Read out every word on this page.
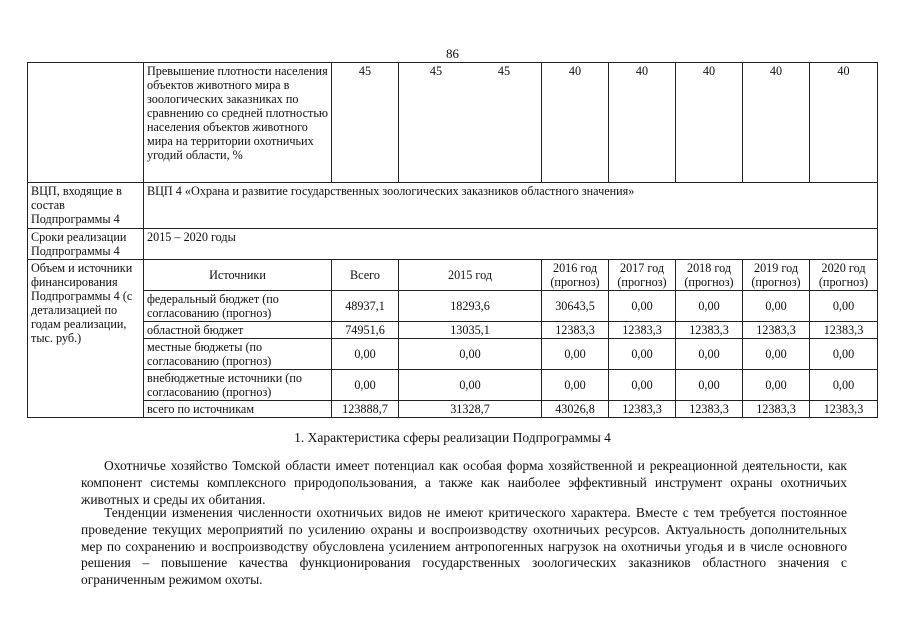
86
	Превышение плотности населения объектов животного мира в зоологических заказниках по сравнению со средней плотностью населения объектов животного мира на территории охотничьих угодий области, %	45	45 45	40	40	40	40	40
ВЦП, входящие в состав Подпрограммы 4	ВЦП 4 «Охрана и развитие государственных зоологических заказников областного значения»							
Сроки реализации Подпрограммы 4	2015 – 2020 годы							
Объем и источники финансирования Подпрограммы 4 (с детализацией по годам реализации, тыс. руб.)	Источники	Всего	2015 год	2016 год (прогноз)	2017 год (прогноз)	2018 год (прогноз)	2019 год (прогноз)	2020 год (прогноз)
	федеральный бюджет (по согласованию (прогноз)	48937,1	18293,6	30643,5	0,00	0,00	0,00	0,00
	областной бюджет	74951,6	13035,1	12383,3	12383,3	12383,3	12383,3	12383,3
	местные бюджеты (по согласованию (прогноз)	0,00	0,00	0,00	0,00	0,00	0,00	0,00
	внебюджетные источники (по согласованию (прогноз)	0,00	0,00	0,00	0,00	0,00	0,00	0,00
	всего по источникам	123888,7	31328,7	43026,8	12383,3	12383,3	12383,3	12383,3
1. Характеристика сферы реализации Подпрограммы 4

Охотничье хозяйство Томской области имеет потенциал как особая форма хозяйственной и рекреационной деятельности, как компонент системы комплексного природопользования, а также как наиболее эффективный инструмент охраны охотничьих животных и среды их обитания.

Тенденции изменения численности охотничьих видов не имеют критического характера. Вместе с тем требуется постоянное проведение текущих мероприятий по усилению охраны и воспроизводству охотничьих ресурсов. Актуальность дополнительных мер по сохранению и воспроизводству обусловлена усилением антропогенных нагрузок на охотничьи угодья и в числе основного решения – повышение качества функционирования государственных зоологических заказников областного значения с ограниченным режимом охоты.
